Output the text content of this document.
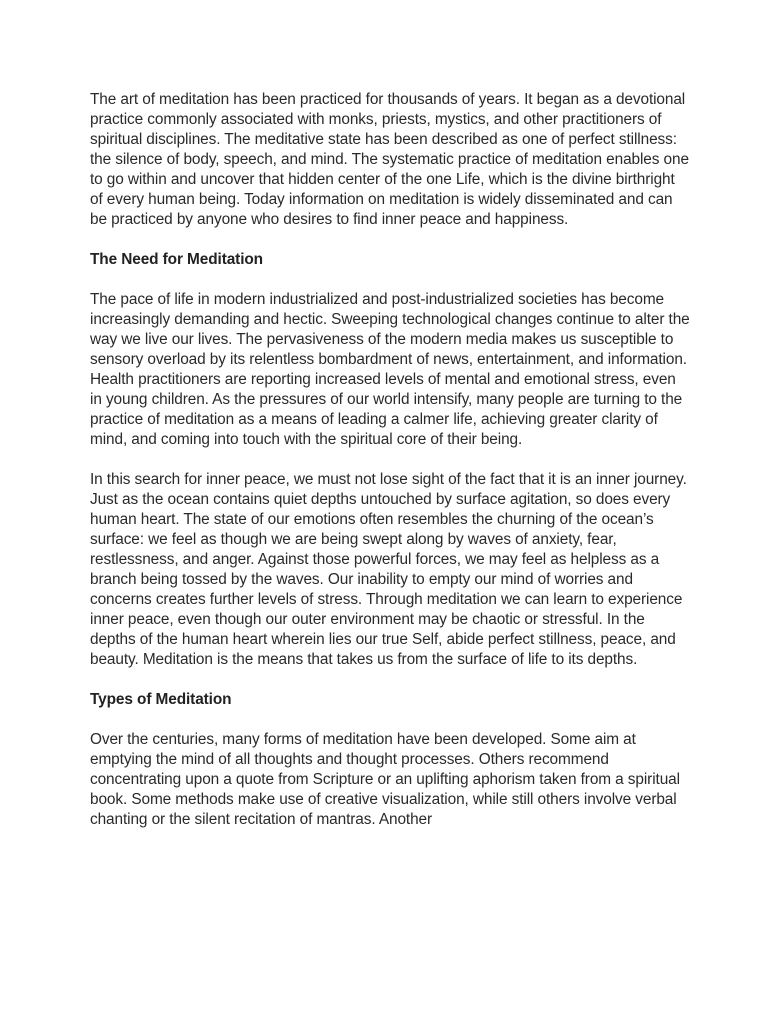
The art of meditation has been practiced for thousands of years. It began as a devotional practice commonly associated with monks, priests, mystics, and other practitioners of spiritual disciplines. The meditative state has been described as one of perfect stillness: the silence of body, speech, and mind. The systematic practice of meditation enables one to go within and uncover that hidden center of the one Life, which is the divine birthright of every human being. Today information on meditation is widely disseminated and can be practiced by anyone who desires to find inner peace and happiness.

The Need for Meditation

The pace of life in modern industrialized and post-industrialized societies has become increasingly demanding and hectic. Sweeping technological changes continue to alter the way we live our lives. The pervasiveness of the modern media makes us susceptible to sensory overload by its relentless bombardment of news, entertainment, and information. Health practitioners are reporting increased levels of mental and emotional stress, even in young children. As the pressures of our world intensify, many people are turning to the practice of meditation as a means of leading a calmer life, achieving greater clarity of mind, and coming into touch with the spiritual core of their being.

In this search for inner peace, we must not lose sight of the fact that it is an inner journey. Just as the ocean contains quiet depths untouched by surface agitation, so does every human heart. The state of our emotions often resembles the churning of the ocean’s surface: we feel as though we are being swept along by waves of anxiety, fear, restlessness, and anger. Against those powerful forces, we may feel as helpless as a branch being tossed by the waves. Our inability to empty our mind of worries and concerns creates further levels of stress. Through meditation we can learn to experience inner peace, even though our outer environment may be chaotic or stressful. In the depths of the human heart wherein lies our true Self, abide perfect stillness, peace, and beauty. Meditation is the means that takes us from the surface of life to its depths.

Types of Meditation

Over the centuries, many forms of meditation have been developed. Some aim at emptying the mind of all thoughts and thought processes. Others recommend concentrating upon a quote from Scripture or an uplifting aphorism taken from a spiritual book. Some methods make use of creative visualization, while still others involve verbal chanting or the silent recitation of mantras. Another
